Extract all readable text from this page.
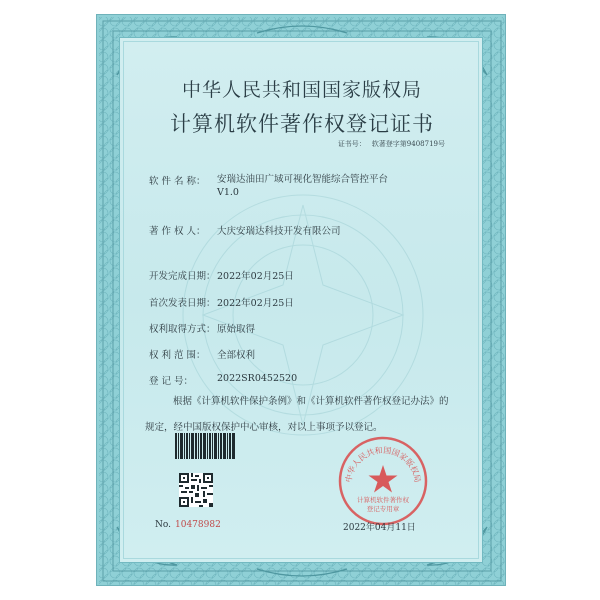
中华人民共和国国家版权局
计算机软件著作权登记证书
证书号： 软著登字第9408719号
软 件 名 称： 安瑞达油田广域可视化智能综合管控平台
V1.0
著 作 权 人： 大庆安瑞达科技开发有限公司
开发完成日期： 2022年02月25日
首次发表日期： 2022年02月25日
权利取得方式： 原始取得
权 利 范 围： 全部权利
登 记 号：	2022SR0452520
根据《计算机软件保护条例》和《计算机软件著作权登记办法》的
规定，经中国版权保护中心审核，对以上事项予以登记。
No. 10478982
中华人民共和国国家版权局
计算机软件著作权
登记专用章
2022年04月11日
